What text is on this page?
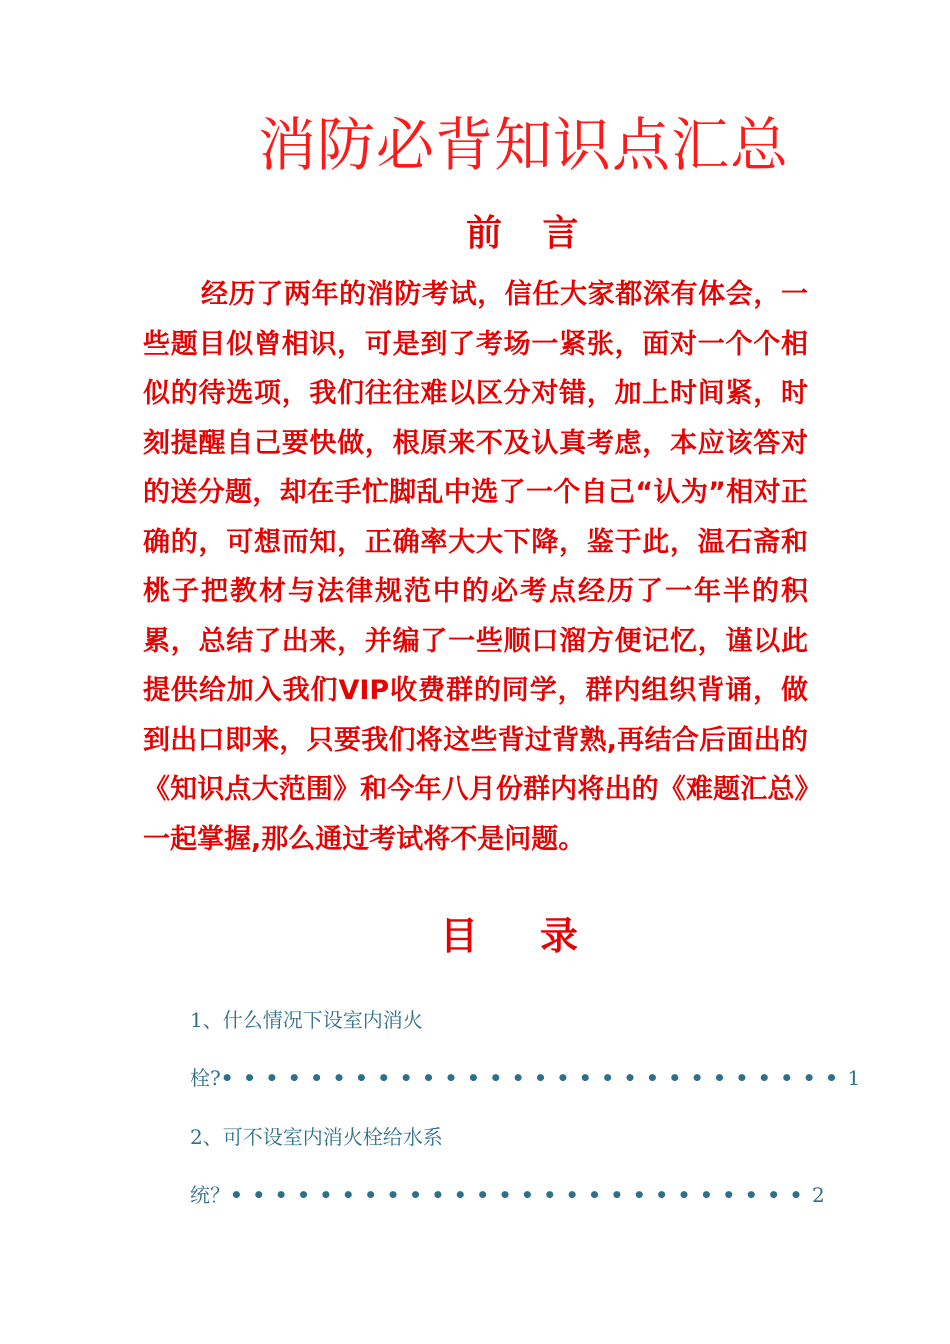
消防必背知识点汇总
前 言
经历了两年的消防考试，信任大家都深有体会，一些题目似曾相识，可是到了考场一紧张，面对一个个相似的待选项，我们往往难以区分对错，加上时间紧，时刻提醒自己要快做，根原来不及认真考虑，本应该答对的送分题，却在手忙脚乱中选了一个自己“认为”相对正确的，可想而知，正确率大大下降，鉴于此，温石斋和桃子把教材与法律规范中的必考点经历了一年半的积累，总结了出来，并编了一些顺口溜方便记忆，谨以此提供给加入我们VIP收费群的同学，群内组织背诵，做到出口即来，只要我们将这些背过背熟,再结合后面出的《知识点大范围》和今年八月份群内将出的《难题汇总》一起掌握,那么通过考试将不是问题。
目 录
1、什么情况下设室内消火
栓?••••••••••••••••••••••••••••1
2、可不设室内消火栓给水系
统？••••••••••••••••••••••••••2
